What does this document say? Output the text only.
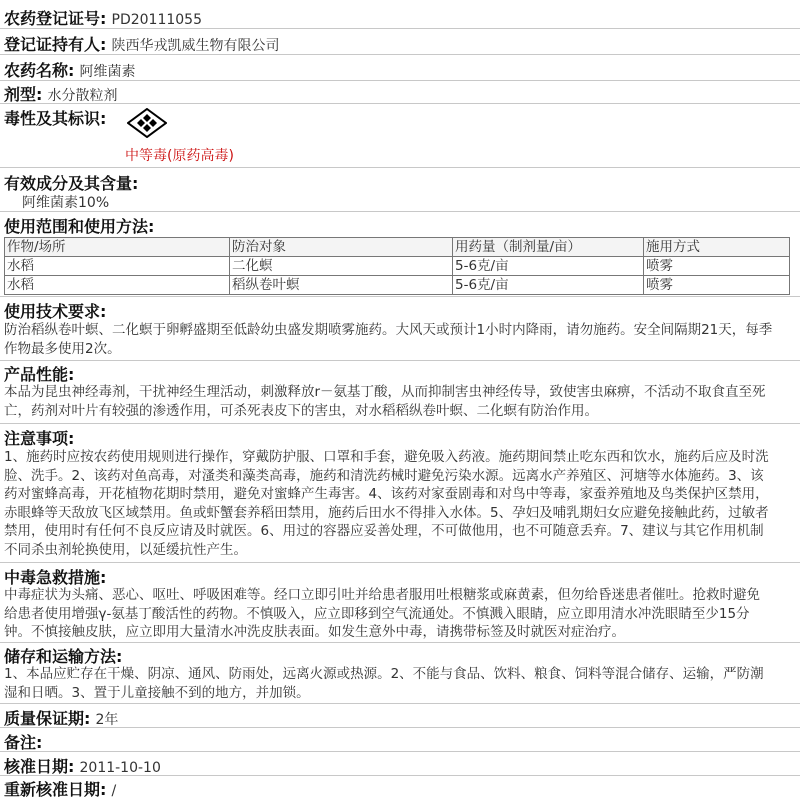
农药登记证号: PD20111055
登记证持有人: 陕西华戎凯威生物有限公司
农药名称: 阿维菌素
剂型: 水分散粒剂
毒性及其标识:
中等毒(原药高毒)
有效成分及其含量:
阿维菌素10%
使用范围和使用方法:
作物/场所	防治对象	用药量（制剂量/亩）	施用方式
水稻	二化螟	5-6克/亩	喷雾
水稻	稻纵卷叶螟	5-6克/亩	喷雾
使用技术要求:
防治稻纵卷叶螟、二化螟于卵孵盛期至低龄幼虫盛发期喷雾施药。大风天或预计1小时内降雨，请勿施药。安全间隔期21天，每季
作物最多使用2次。
产品性能:
本品为昆虫神经毒剂，干扰神经生理活动，刺激释放r－氨基丁酸，从而抑制害虫神经传导，致使害虫麻痹，不活动不取食直至死
亡，药剂对叶片有较强的渗透作用，可杀死表皮下的害虫，对水稻稻纵卷叶螟、二化螟有防治作用。
注意事项:
1、施药时应按农药使用规则进行操作，穿戴防护服、口罩和手套，避免吸入药液。施药期间禁止吃东西和饮水，施药后应及时洗
脸、洗手。2、该药对鱼高毒，对溞类和藻类高毒，施药和清洗药械时避免污染水源。远离水产养殖区、河塘等水体施药。3、该
药对蜜蜂高毒，开花植物花期时禁用，避免对蜜蜂产生毒害。4、该药对家蚕剧毒和对鸟中等毒，家蚕养殖地及鸟类保护区禁用，
赤眼蜂等天敌放飞区域禁用。鱼或虾蟹套养稻田禁用，施药后田水不得排入水体。5、孕妇及哺乳期妇女应避免接触此药，过敏者
禁用，使用时有任何不良反应请及时就医。6、用过的容器应妥善处理，不可做他用，也不可随意丢弃。7、建议与其它作用机制
不同杀虫剂轮换使用，以延缓抗性产生。
中毒急救措施:
中毒症状为头痛、恶心、呕吐、呼吸困难等。经口立即引吐并给患者服用吐根糖浆或麻黄素，但勿给昏迷患者催吐。抢救时避免
给患者使用增强γ-氨基丁酸活性的药物。不慎吸入，应立即移到空气流通处。不慎溅入眼睛，应立即用清水冲洗眼睛至少15分
钟。不慎接触皮肤，应立即用大量清水冲洗皮肤表面。如发生意外中毒，请携带标签及时就医对症治疗。
储存和运输方法:
1、本品应贮存在干燥、阴凉、通风、防雨处，远离火源或热源。2、不能与食品、饮料、粮食、饲料等混合储存、运输，严防潮
湿和日晒。3、置于儿童接触不到的地方，并加锁。
质量保证期: 2年
备注:
核准日期: 2011-10-10
重新核准日期: /
